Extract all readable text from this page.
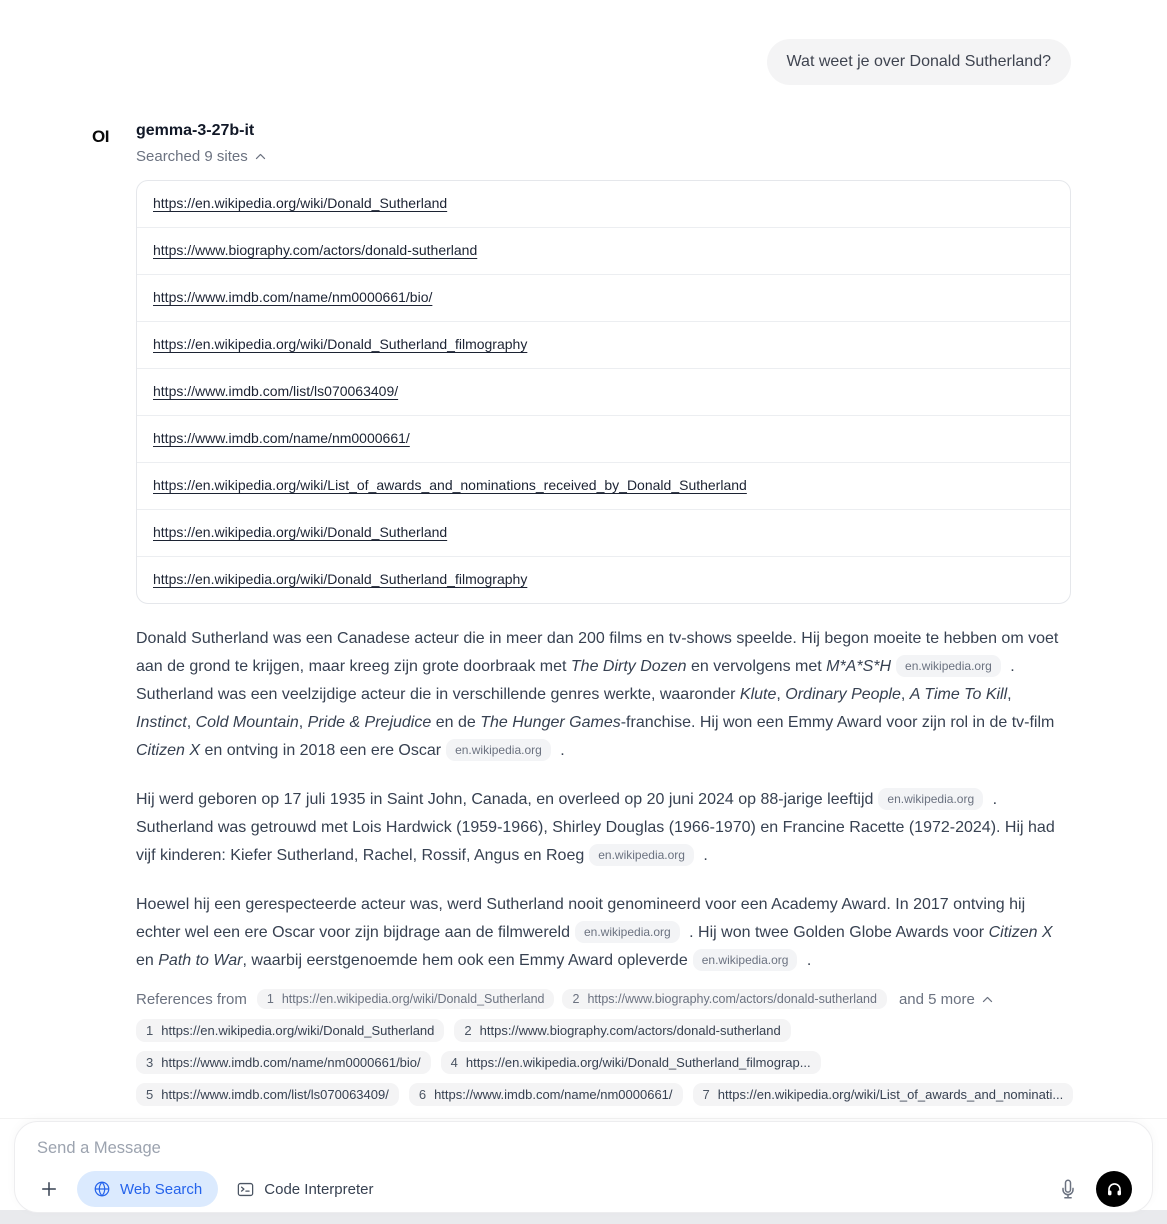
Wat weet je over Donald Sutherland?
OI	gemma-3-27b-it
Searched 9 sites
https://en.wikipedia.org/wiki/Donald_Sutherland
https://www.biography.com/actors/donald-sutherland
https://www.imdb.com/name/nm0000661/bio/
https://en.wikipedia.org/wiki/Donald_Sutherland_filmography
https://www.imdb.com/list/ls070063409/
https://www.imdb.com/name/nm0000661/
https://en.wikipedia.org/wiki/List_of_awards_and_nominations_received_by_Donald_Sutherland
https://en.wikipedia.org/wiki/Donald_Sutherland
https://en.wikipedia.org/wiki/Donald_Sutherland_filmography

Donald Sutherland was een Canadese acteur die in meer dan 200 films en tv-shows speelde. Hij begon moeite te hebben om voet aan de grond te krijgen, maar kreeg zijn grote doorbraak met The Dirty Dozen en vervolgens met M*A*S*H en.wikipedia.org . Sutherland was een veelzijdige acteur die in verschillende genres werkte, waaronder Klute, Ordinary People, A Time To Kill, Instinct, Cold Mountain, Pride & Prejudice en de The Hunger Games-franchise. Hij won een Emmy Award voor zijn rol in de tv-film Citizen X en ontving in 2018 een ere Oscar en.wikipedia.org .

Hij werd geboren op 17 juli 1935 in Saint John, Canada, en overleed op 20 juni 2024 op 88-jarige leeftijd en.wikipedia.org . Sutherland was getrouwd met Lois Hardwick (1959-1966), Shirley Douglas (1966-1970) en Francine Racette (1972-2024). Hij had vijf kinderen: Kiefer Sutherland, Rachel, Rossif, Angus en Roeg en.wikipedia.org .

Hoewel hij een gerespecteerde acteur was, werd Sutherland nooit genomineerd voor een Academy Award. In 2017 ontving hij echter wel een ere Oscar voor zijn bijdrage aan de filmwereld en.wikipedia.org . Hij won twee Golden Globe Awards voor Citizen X en Path to War, waarbij eerstgenoemde hem ook een Emmy Award opleverde en.wikipedia.org .

References from 1 https://en.wikipedia.org/wiki/Donald_Sutherland 2 https://www.biography.com/actors/donald-sutherland and 5 more
1 https://en.wikipedia.org/wiki/Donald_Sutherland 2 https://www.biography.com/actors/donald-sutherland
3 https://www.imdb.com/name/nm0000661/bio/ 4 https://en.wikipedia.org/wiki/Donald_Sutherland_filmograp...
5 https://www.imdb.com/list/ls070063409/ 6 https://www.imdb.com/name/nm0000661/ 7 https://en.wikipedia.org/wiki/List_of_awards_and_nominati...
Send a Message
Web Search	Code Interpreter
